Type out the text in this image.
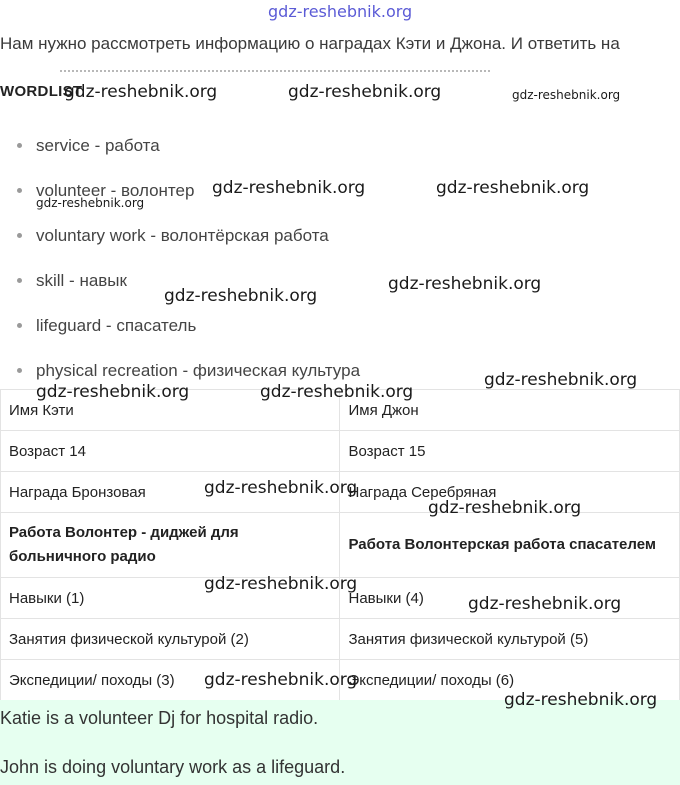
gdz-reshebnik.org
Нам нужно рассмотреть информацию о наградах Кэти и Джона. И ответить на
WORDLIST
service - работа
volunteer - волонтер
voluntary work - волонтёрская работа
skill - навык
lifeguard - спасатель
physical recreation - физическая культура
Имя Кэти	Имя Джон
Возраст 14	Возраст 15
Награда Бронзовая	Награда Серебряная
Работа Волонтер - диджей для больничного радио	Работа Волонтерская работа спасателем
Навыки (1)	Навыки (4)
Занятия физической культурой (2)	Занятия физической культурой (5)
Экспедиции/ походы (3)	Экспедиции/ походы (6)

Katie is a volunteer Dj for hospital radio.

John is doing voluntary work as a lifeguard.

gdz-reshebnik.org	gdz-reshebnik.org	gdz-reshebnik.org
gdz-reshebnik.org	gdz-reshebnik.org
gdz-reshebnik.org
gdz-reshebnik.org
gdz-reshebnik.org
gdz-reshebnik.org
gdz-reshebnik.org	gdz-reshebnik.org
gdz-reshebnik.org
gdz-reshebnik.org
gdz-reshebnik.org
gdz-reshebnik.org
gdz-reshebnik.org
gdz-reshebnik.org
